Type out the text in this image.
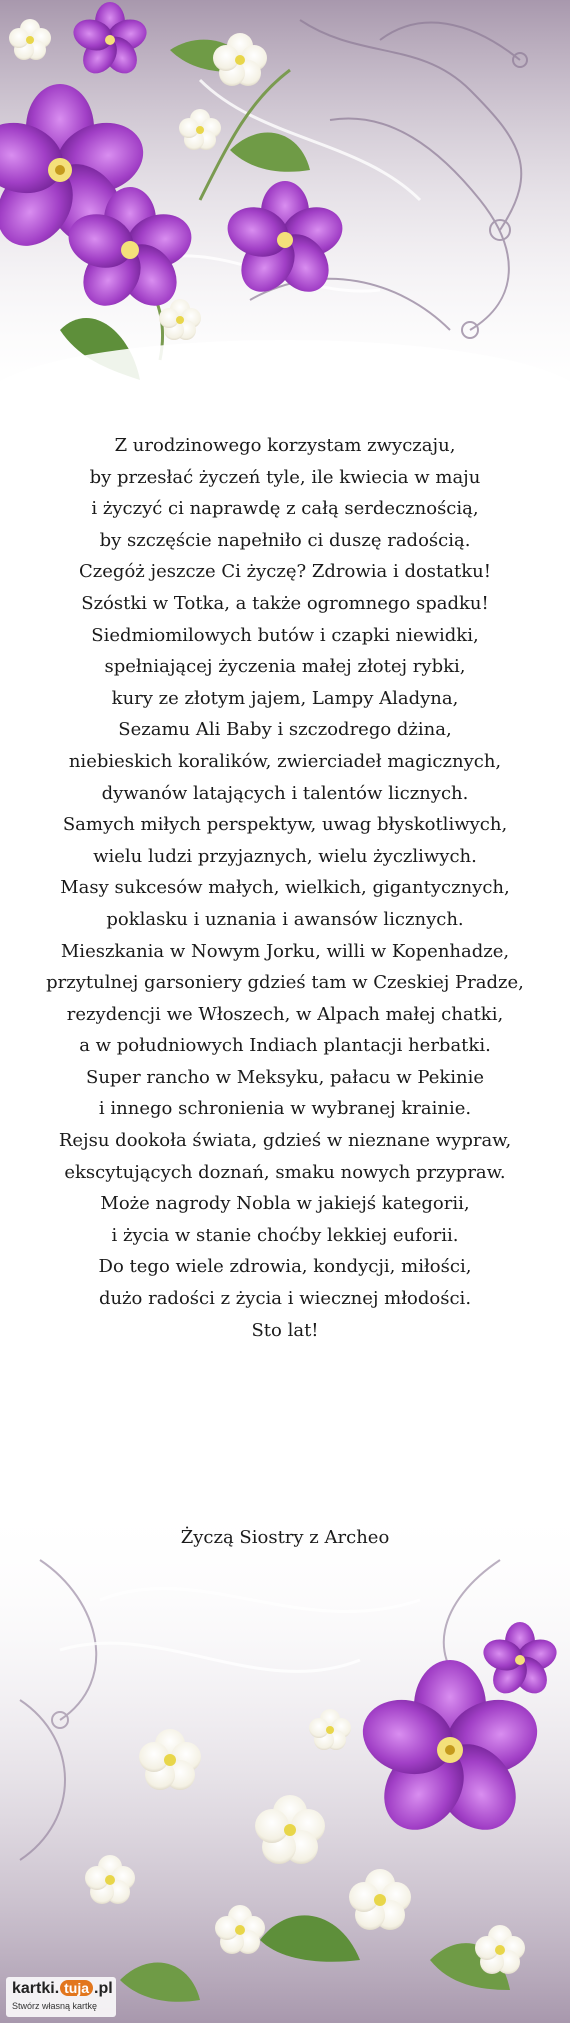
Z urodzinowego korzystam zwyczaju,
by przesłać życzeń tyle, ile kwiecia w maju
i życzyć ci naprawdę z całą serdecznością,
by szczęście napełniło ci duszę radością.
Czegóż jeszcze Ci życzę? Zdrowia i dostatku!
Szóstki w Totka, a także ogromnego spadku!
Siedmiomilowych butów i czapki niewidki,
spełniającej życzenia małej złotej rybki,
kury ze złotym jajem, Lampy Aladyna,
Sezamu Ali Baby i szczodrego dżina,
niebieskich koralików, zwierciadeł magicznych,
dywanów latających i talentów licznych.
Samych miłych perspektyw, uwag błyskotliwych,
wielu ludzi przyjaznych, wielu życzliwych.
Masy sukcesów małych, wielkich, gigantycznych,
poklasku i uznania i awansów licznych.
Mieszkania w Nowym Jorku, willi w Kopenhadze,
przytulnej garsoniery gdzieś tam w Czeskiej Pradze,
rezydencji we Włoszech, w Alpach małej chatki,
a w południowych Indiach plantacji herbatki.
Super rancho w Meksyku, pałacu w Pekinie
i innego schronienia w wybranej krainie.
Rejsu dookoła świata, gdzieś w nieznane wypraw,
ekscytujących doznań, smaku nowych przypraw.
Może nagrody Nobla w jakiejś kategorii,
i życia w stanie choćby lekkiej euforii.
Do tego wiele zdrowia, kondycji, miłości,
dużo radości z życia i wiecznej młodości.
Sto lat!
Życzą Siostry z Archeo
kartki. tuja .pl
Stwórz własną kartkę
